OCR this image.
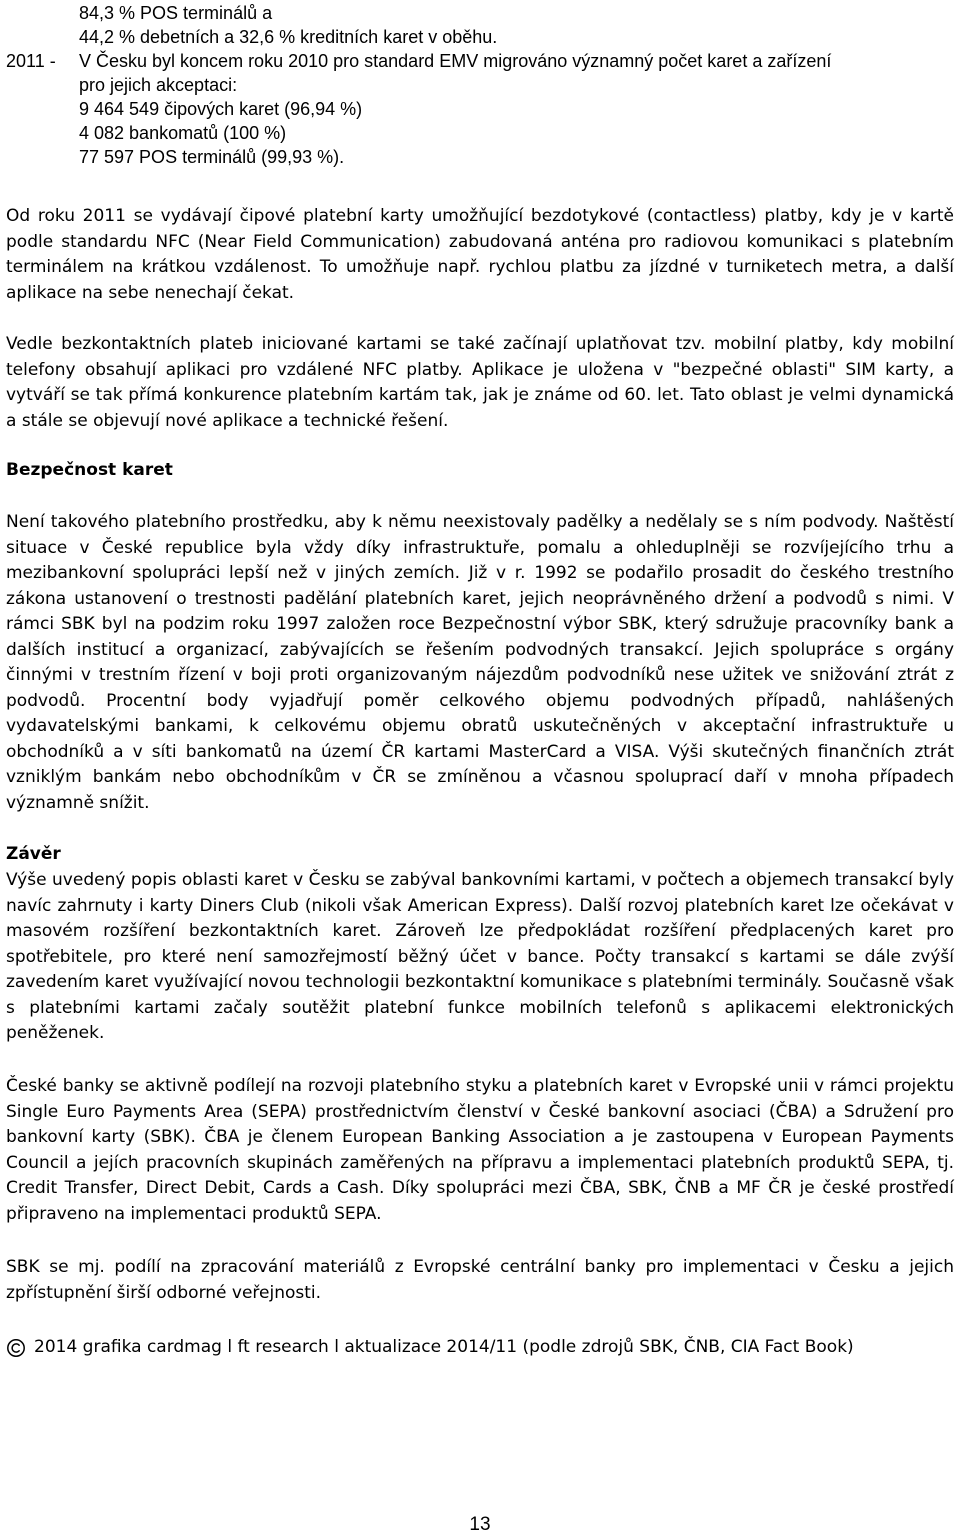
84,3 % POS terminálů a
44,2 % debetních a 32,6 % kreditních karet v oběhu.
2011 -	V Česku byl koncem roku 2010 pro standard EMV migrováno významný počet karet a zařízení
pro jejich akceptaci:
9 464 549 čipových karet (96,94 %)
4 082 bankomatů (100 %)
77 597 POS terminálů (99,93 %).

Od roku 2011 se vydávají čipové platební karty umožňující bezdotykové (contactless) platby, kdy je v kartě podle standardu NFC (Near Field Communication) zabudovaná anténa pro radiovou komunikaci s platebním terminálem na krátkou vzdálenost. To umožňuje např. rychlou platbu za jízdné v turniketech metra, a další aplikace na sebe nenechají čekat.

Vedle bezkontaktních plateb iniciované kartami se také začínají uplatňovat tzv. mobilní platby, kdy mobilní telefony obsahují aplikaci pro vzdálené NFC platby. Aplikace je uložena v "bezpečné oblasti" SIM karty, a vytváří se tak přímá konkurence platebním kartám tak, jak je známe od 60. let. Tato oblast je velmi dynamická a stále se objevují nové aplikace a technické řešení.

Bezpečnost karet

Není takového platebního prostředku, aby k němu neexistovaly padělky a nedělaly se s ním podvody. Naštěstí situace v České republice byla vždy díky infrastruktuře, pomalu a ohleduplněji se rozvíjejícího trhu a mezibankovní spolupráci lepší než v jiných zemích. Již v r. 1992 se podařilo prosadit do českého trestního zákona ustanovení o trestnosti padělání platebních karet, jejich neoprávněného držení a podvodů s nimi. V rámci SBK byl na podzim roku 1997 založen roce Bezpečnostní výbor SBK, který sdružuje pracovníky bank a dalších institucí a organizací, zabývajících se řešením podvodných transakcí. Jejich spolupráce s orgány činnými v trestním řízení v boji proti organizovaným nájezdům podvodníků nese užitek ve snižování ztrát z podvodů. Procentní body vyjadřují poměr celkového objemu podvodných případů, nahlášených vydavatelskými bankami, k celkovému objemu obratů uskutečněných v akceptační infrastruktuře u obchodníků a v síti bankomatů na území ČR kartami MasterCard a VISA. Výši skutečných finančních ztrát vzniklým bankám nebo obchodníkům v ČR se zmíněnou a včasnou spoluprací daří v mnoha případech významně snížit.

Závěr

Výše uvedený popis oblasti karet v Česku se zabýval bankovními kartami, v počtech a objemech transakcí byly navíc zahrnuty i karty Diners Club (nikoli však American Express). Další rozvoj platebních karet lze očekávat v masovém rozšíření bezkontaktních karet. Zároveň lze předpokládat rozšíření předplacených karet pro spotřebitele, pro které není samozřejmostí běžný účet v bance. Počty transakcí s kartami se dále zvýší zavedením karet využívající novou technologii bezkontaktní komunikace s platebními terminály. Současně však s platebními kartami začaly soutěžit platební funkce mobilních telefonů s aplikacemi elektronických peněženek.

České banky se aktivně podílejí na rozvoji platebního styku a platebních karet v Evropské unii v rámci projektu Single Euro Payments Area (SEPA) prostřednictvím členství v České bankovní asociaci (ČBA) a Sdružení pro bankovní karty (SBK). ČBA je členem European Banking Association a je zastoupena v European Payments Council a jejích pracovních skupinách zaměřených na přípravu a implementaci platebních produktů SEPA, tj. Credit Transfer, Direct Debit, Cards a Cash. Díky spolupráci mezi ČBA, SBK, ČNB a MF ČR je české prostředí připraveno na implementaci produktů SEPA.

SBK se mj. podílí na zpracování materiálů z Evropské centrální banky pro implementaci v Česku a jejich zpřístupnění širší odborné veřejnosti.

2014 grafika cardmag l ft research l aktualizace 2014/11 (podle zdrojů SBK, ČNB, CIA Fact Book)
13
